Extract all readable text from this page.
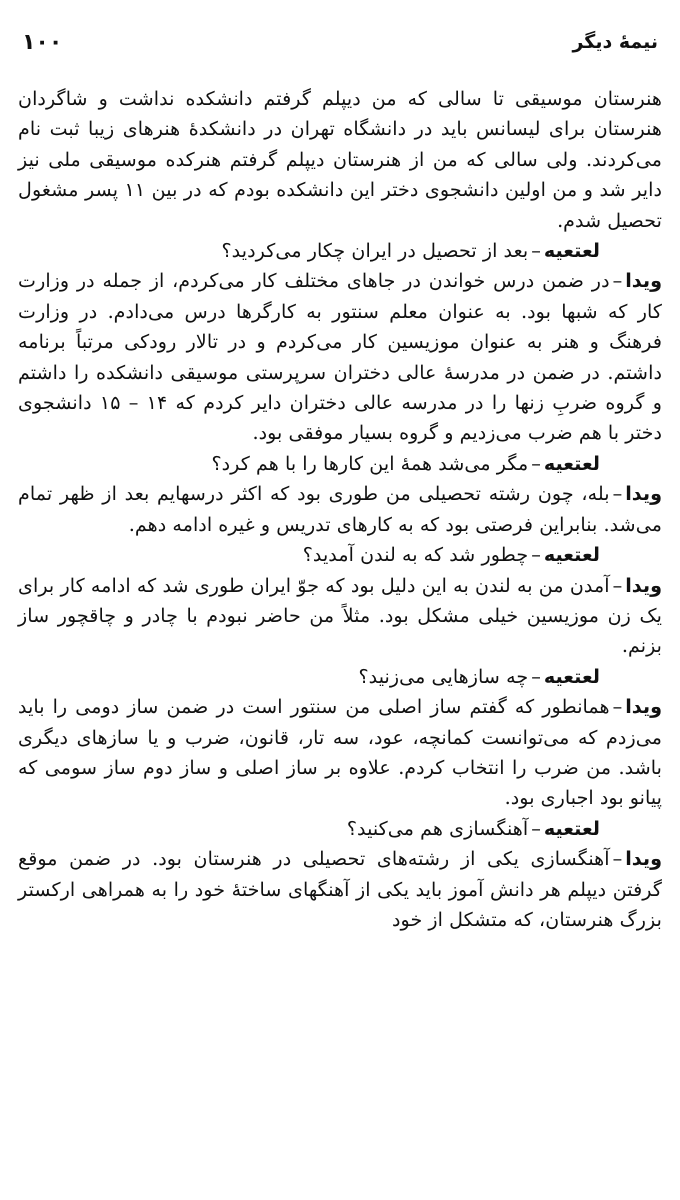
۱۰۰	نیمهٔ دیگر

هنرستان موسیقی تا سالی که من دیپلم گرفتم دانشکده نداشت و شاگردان هنرستان برای لیسانس باید در دانشگاه تهران در دانشکدهٔ هنرهای زیبا ثبت نام می‌کردند. ولی سالی که من از هنرستان دیپلم گرفتم هنرکده موسیقی ملی نیز دایر شد و من اولین دانشجوی دختر این دانشکده بودم که در بین ۱۱ پسر مشغول تحصیل شدم.

لعتعیه–بعد از تحصیل در ایران چکار می‌کردید؟

ویدا–در ضمن درس خواندن در جاهای مختلف کار می‌کردم، از جمله در وزارت کار که شبها بود. به عنوان معلم سنتور به کارگرها درس می‌دادم. در وزارت فرهنگ و هنر به عنوان موزیسین کار می‌کردم و در تالار رودکی مرتباً برنامه داشتم. در ضمن در مدرسهٔ عالی دختران سرپرستی موسیقی دانشکده را داشتم و گروه ضربِ زنها را در مدرسه عالی دختران دایر کردم که ۱۴ – ۱۵ دانشجوی دختر با هم ضرب می‌زدیم و گروه بسیار موفقی بود.

لعتعیه–مگر می‌شد همهٔ این کارها را با هم کرد؟

ویدا–بله، چون رشته تحصیلی من طوری بود که اکثر درسهایم بعد از ظهر تمام می‌شد. بنابراین فرصتی بود که به کارهای تدریس و غیره ادامه دهم.

لعتعیه–چطور شد که به لندن آمدید؟

ویدا–آمدن من به لندن به این دلیل بود که جوّ ایران طوری شد که ادامه کار برای یک زن موزیسین خیلی مشکل بود. مثلاً من حاضر نبودم با چادر و چاقچور ساز بزنم.

لعتعیه–چه سازهایی می‌زنید؟

ویدا–همانطور که گفتم ساز اصلی من سنتور است در ضمن ساز دومی را باید می‌زدم که می‌توانست کمانچه، عود، سه تار، قانون، ضرب و یا سازهای دیگری باشد. من ضرب را انتخاب کردم. علاوه بر ساز اصلی و ساز دوم ساز سومی که پیانو بود اجباری بود.

لعتعیه–آهنگسازی هم می‌کنید؟

ویدا–آهنگسازی یکی از رشته‌های تحصیلی در هنرستان بود. در ضمن موقع گرفتن دیپلم هر دانش آموز باید یکی از آهنگهای ساختهٔ خود را به همراهی ارکستر بزرگ هنرستان، که متشکل از خود
